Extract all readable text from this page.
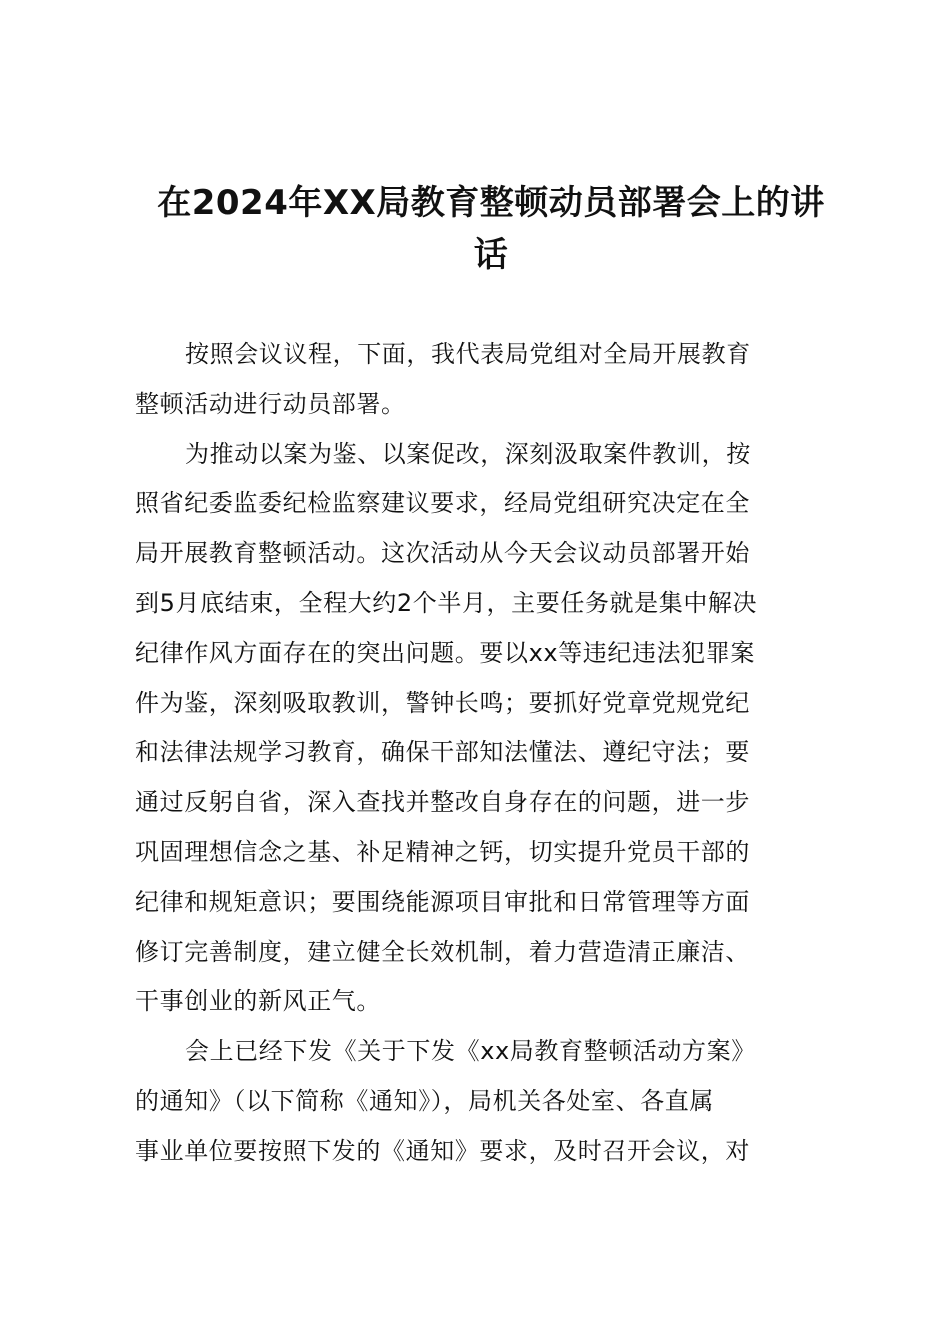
在2024年XX局教育整顿动员部署会上的讲
话

按照会议议程，下面，我代表局党组对全局开展教育
整顿活动进行动员部署。

为推动以案为鉴、以案促改，深刻汲取案件教训，按
照省纪委监委纪检监察建议要求，经局党组研究决定在全
局开展教育整顿活动。这次活动从今天会议动员部署开始
到5月底结束，全程大约2个半月，主要任务就是集中解决
纪律作风方面存在的突出问题。要以xx等违纪违法犯罪案
件为鉴，深刻吸取教训，警钟长鸣；要抓好党章党规党纪
和法律法规学习教育，确保干部知法懂法、遵纪守法；要
通过反躬自省，深入查找并整改自身存在的问题，进一步
巩固理想信念之基、补足精神之钙，切实提升党员干部的
纪律和规矩意识；要围绕能源项目审批和日常管理等方面
修订完善制度，建立健全长效机制，着力营造清正廉洁、
干事创业的新风正气。

会上已经下发《关于下发《xx局教育整顿活动方案》
的通知》（以下简称《通知》），局机关各处室、各直属
事业单位要按照下发的《通知》要求，及时召开会议，对
